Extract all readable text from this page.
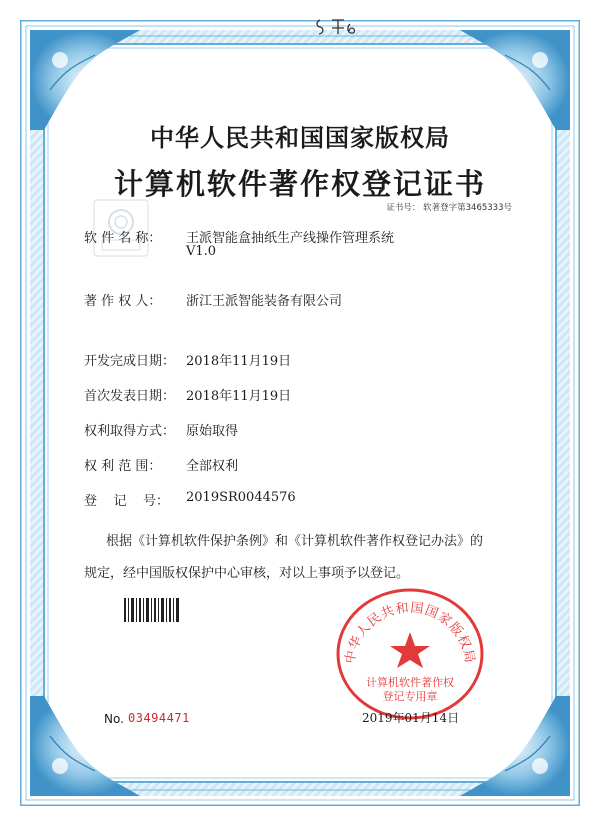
中华人民共和国国家版权局
计算机软件著作权登记证书
证书号： 软著登字第3465333号
软 件 名 称： 王派智能盒抽纸生产线操作管理系统
V1.0
著 作 权 人： 浙江王派智能装备有限公司
开发完成日期： 2018年11月19日
首次发表日期： 2018年11月19日
权利取得方式： 原始取得
权 利 范 围： 全部权利
登    记    号： 2019SR0044576
根据《计算机软件保护条例》和《计算机软件著作权登记办法》的
规定，经中国版权保护中心审核，对以上事项予以登记。
中华人民共和国国家版权局
计算机软件著作权
登记专用章
No. 03494471	2019年01月14日
